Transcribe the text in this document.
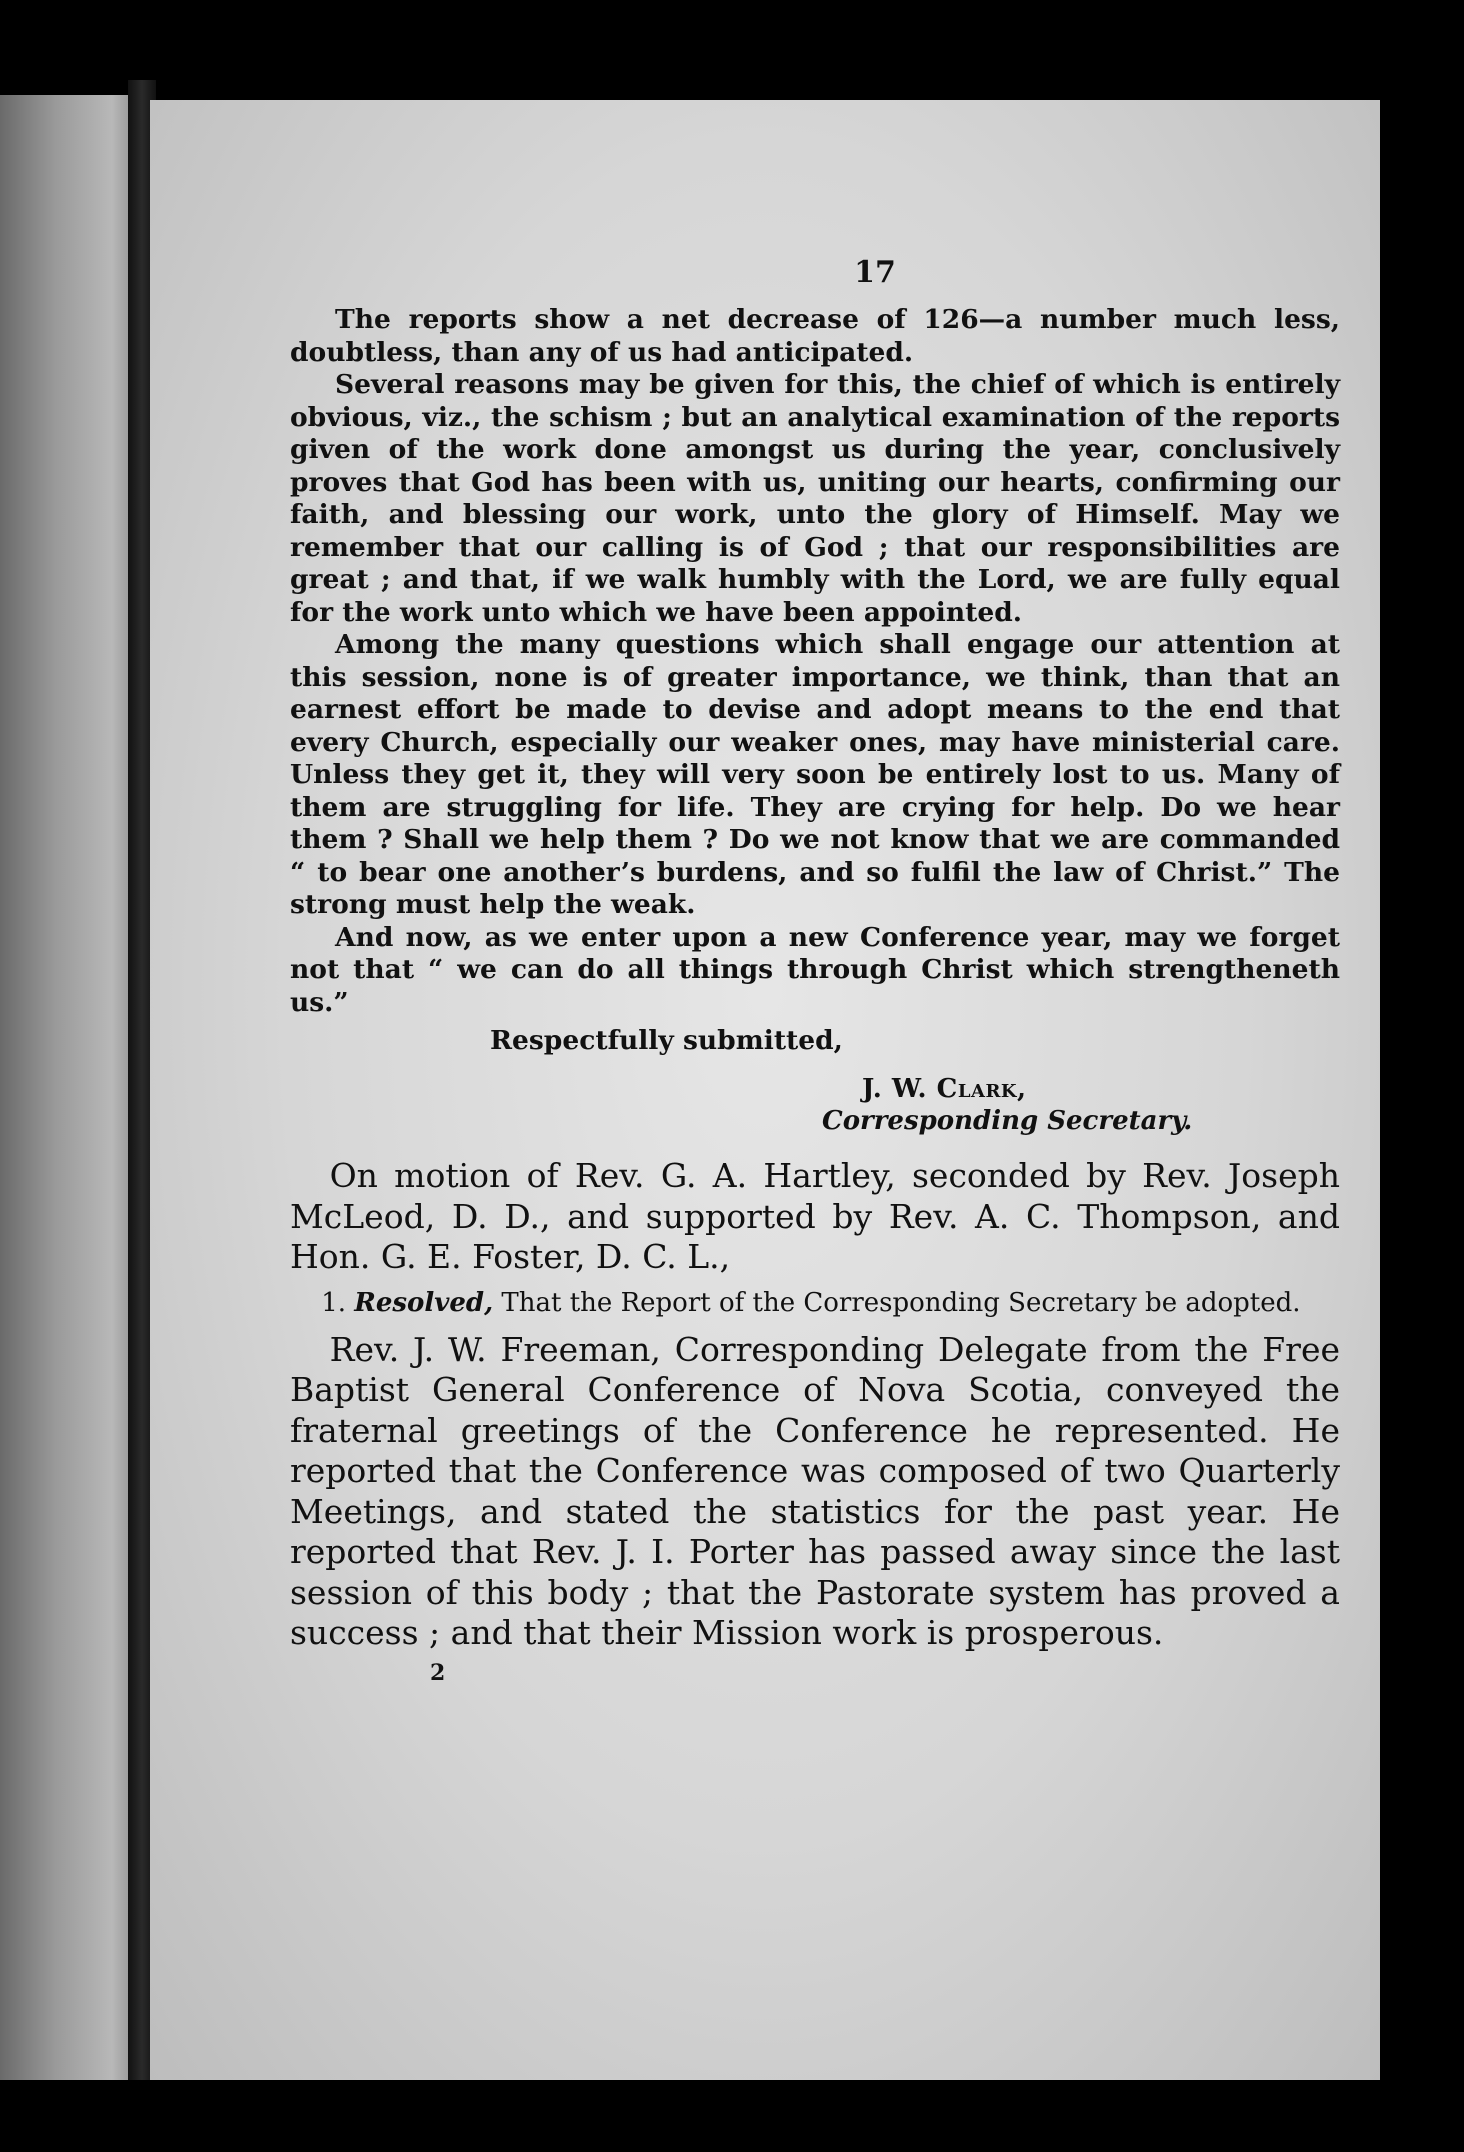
17

The reports show a net decrease of 126—a number much less, doubtless, than any of us had anticipated.

Several reasons may be given for this, the chief of which is entirely obvious, viz., the schism ; but an analytical examination of the reports given of the work done amongst us during the year, conclusively proves that God has been with us, uniting our hearts, confirming our faith, and blessing our work, unto the glory of Himself. May we remember that our calling is of God ; that our responsibilities are great ; and that, if we walk humbly with the Lord, we are fully equal for the work unto which we have been appointed.

Among the many questions which shall engage our attention at this session, none is of greater importance, we think, than that an earnest effort be made to devise and adopt means to the end that every Church, especially our weaker ones, may have ministerial care. Unless they get it, they will very soon be entirely lost to us. Many of them are struggling for life. They are crying for help. Do we hear them ? Shall we help them ? Do we not know that we are commanded “ to bear one another’s burdens, and so fulfil the law of Christ.” The strong must help the weak.

And now, as we enter upon a new Conference year, may we forget not that “ we can do all things through Christ which strengtheneth us.”

Respectfully submitted,
J. W. Clark,
Corresponding Secretary.

On motion of Rev. G. A. Hartley, seconded by Rev. Joseph McLeod, D. D., and supported by Rev. A. C. Thompson, and Hon. G. E. Foster, D. C. L.,

1. Resolved, That the Report of the Corresponding Secretary be adopted.

Rev. J. W. Freeman, Corresponding Delegate from the Free Baptist General Conference of Nova Scotia, conveyed the fraternal greetings of the Conference he represented. He reported that the Conference was composed of two Quarterly Meetings, and stated the statistics for the past year. He reported that Rev. J. I. Porter has passed away since the last session of this body ; that the Pastorate system has proved a success ; and that their Mission work is prosperous.

2
